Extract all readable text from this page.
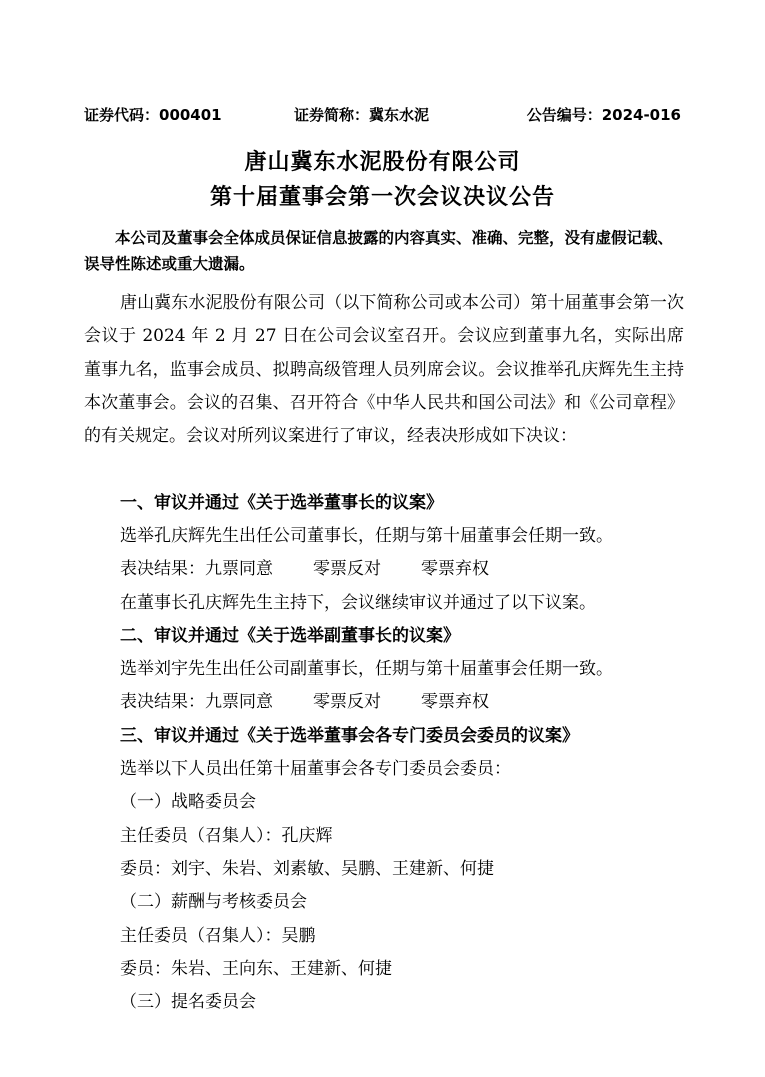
证券代码：000401	证券简称：冀东水泥	公告编号：2024-016
唐山冀东水泥股份有限公司
第十届董事会第一次会议决议公告
本公司及董事会全体成员保证信息披露的内容真实、准确、完整，没有虚假记载、误导性陈述或重大遗漏。
唐山冀东水泥股份有限公司（以下简称公司或本公司）第十届董事会第一次会议于 2024 年 2 月 27 日在公司会议室召开。会议应到董事九名，实际出席董事九名，监事会成员、拟聘高级管理人员列席会议。会议推举孔庆辉先生主持本次董事会。会议的召集、召开符合《中华人民共和国公司法》和《公司章程》的有关规定。会议对所列议案进行了审议，经表决形成如下决议：
一、审议并通过《关于选举董事长的议案》
选举孔庆辉先生出任公司董事长，任期与第十届董事会任期一致。
表决结果：九票同意 零票反对 零票弃权
在董事长孔庆辉先生主持下，会议继续审议并通过了以下议案。
二、审议并通过《关于选举副董事长的议案》
选举刘宇先生出任公司副董事长，任期与第十届董事会任期一致。
表决结果：九票同意 零票反对 零票弃权
三、审议并通过《关于选举董事会各专门委员会委员的议案》
选举以下人员出任第十届董事会各专门委员会委员：
（一）战略委员会
主任委员（召集人）：孔庆辉
委员：刘宇、朱岩、刘素敏、吴鹏、王建新、何捷
（二）薪酬与考核委员会
主任委员（召集人）：吴鹏
委员：朱岩、王向东、王建新、何捷
（三）提名委员会
